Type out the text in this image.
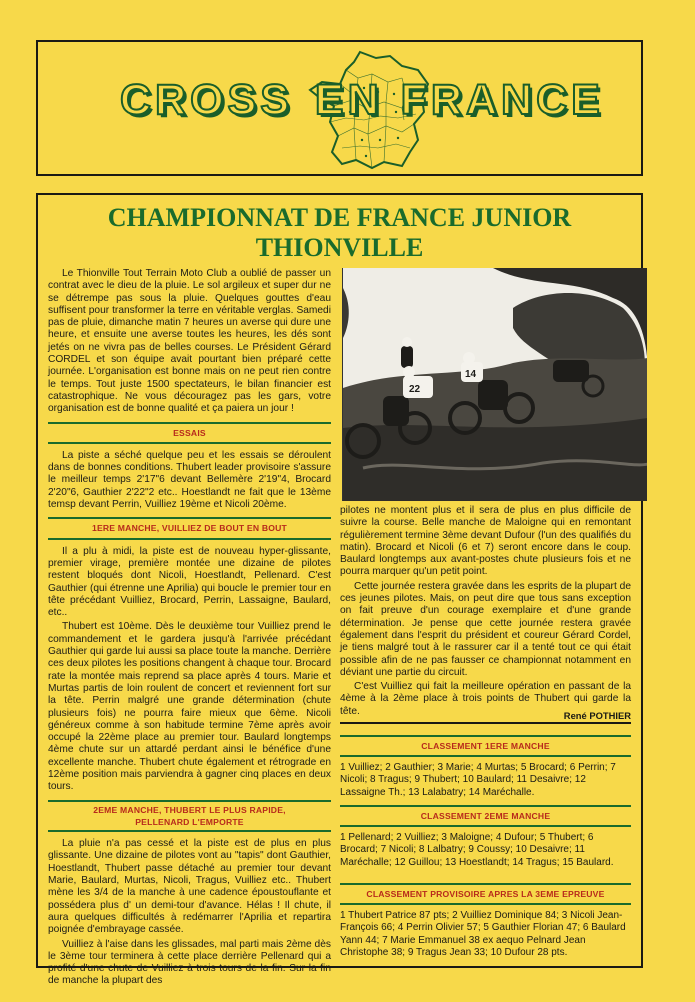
CROSS EN FRANCE
CHAMPIONNAT DE FRANCE JUNIOR
THIONVILLE

Le Thionville Tout Terrain Moto Club a oublié de passer un contrat avec le dieu de la pluie. Le sol argileux et super dur ne se détrempe pas sous la pluie. Quelques gouttes d'eau suffisent pour transformer la terre en véritable verglas. Samedi pas de pluie, dimanche matin 7 heures un averse qui dure une heure, et ensuite une averse toutes les heures, les dés sont jetés on ne vivra pas de belles courses. Le Président Gérard CORDEL et son équipe avait pourtant bien préparé cette journée. L'organisation est bonne mais on ne peut rien contre le temps. Tout juste 1500 spectateurs, le bilan financier est catastrophique. Ne vous découragez pas les gars, votre organisation est de bonne qualité et ça paiera un jour !

ESSAIS

La piste a séché quelque peu et les essais se déroulent dans de bonnes conditions. Thubert leader provisoire s'assure le meilleur temps 2'17"6 devant Bellemère 2'19"4, Brocard 2'20"6, Gauthier 2'22"2 etc.. Hoestlandt ne fait que le 13ème temsp devant Perrin, Vuilliez 19ème et Nicoli 20ème.

1ERE MANCHE, VUILLIEZ DE BOUT EN BOUT

Il a plu à midi, la piste est de nouveau hyper-glissante, premier virage, première montée une dizaine de pilotes restent bloqués dont Nicoli, Hoestlandt, Pellenard. C'est Gauthier (qui étrenne une Aprilia) qui boucle le premier tour en tête précédant Vuilliez, Brocard, Perrin, Lassaigne, Baulard, etc..

Thubert est 10ème. Dès le deuxième tour Vuilliez prend le commandement et le gardera jusqu'à l'arrivée précédant Gauthier qui garde lui aussi sa place toute la manche. Derrière ces deux pilotes les positions changent à chaque tour. Brocard rate la montée mais reprend sa place après 4 tours. Marie et Murtas partis de loin roulent de concert et reviennent fort sur la tête. Perrin malgré une grande détermination (chute plusieurs fois) ne pourra faire mieux que 6ème. Nicoli généreux comme à son habitude termine 7ème après avoir occupé la 22ème place au premier tour. Baulard longtemps 4ème chute sur un attardé perdant ainsi le bénéfice d'une excellente manche. Thubert chute également et rétrograde en 12ème position mais parviendra à gagner cinq places en deux tours.

2EME MANCHE, THUBERT LE PLUS RAPIDE, PELLENARD L'EMPORTE

La pluie n'a pas cessé et la piste est de plus en plus glissante. Une dizaine de pilotes vont au "tapis" dont Gauthier, Hoestlandt, Thubert passe détaché au premier tour devant Marie, Baulard, Murtas, Nicoli, Tragus, Vuilliez etc.. Thubert mène les 3/4 de la manche à une cadence époustouflante et possédera plus d' un demi-tour d'avance. Hélas ! Il chute, il aura quelques difficultés à redémarrer l'Aprilia et repartira poignée d'embrayage cassée.

Vuilliez à l'aise dans les glissades, mal parti mais 2ème dès le 3ème tour terminera à cette place derrière Pellenard qui a profité d'une chute de Vuilliez à trois tours de la fin. Sur la fin de manche la plupart des

22
14

pilotes ne montent plus et il sera de plus en plus difficile de suivre la course. Belle manche de Maloigne qui en remontant régulièrement termine 3ème devant Dufour (l'un des qualifiés du matin). Brocard et Nicoli (6 et 7) seront encore dans le coup. Baulard longtemps aux avant-postes chute plusieurs fois et ne pourra marquer qu'un petit point.

Cette journée restera gravée dans les esprits de la plupart de ces jeunes pilotes. Mais, on peut dire que tous sans exception on fait preuve d'un courage exemplaire et d'une grande détermination. Je pense que cette journée restera gravée également dans l'esprit du président et coureur Gérard Cordel, je tiens malgré tout à le rassurer car il a tenté tout ce qui était possible afin de ne pas fausser ce championnat notamment en déviant une partie du circuit.

C'est Vuilliez qui fait la meilleure opération en passant de la 4ème à la 2ème place à trois points de Thubert qui garde la tête.	René POTHIER
CLASSEMENT 1ERE MANCHE

1 Vuilliez; 2 Gauthier; 3 Marie; 4 Murtas; 5 Brocard; 6 Perrin; 7 Nicoli; 8 Tragus; 9 Thubert; 10 Baulard; 11 Desaivre; 12 Lassaigne Th.; 13 Lalabatry; 14 Maréchalle.

CLASSEMENT 2EME MANCHE

1 Pellenard; 2 Vuilliez; 3 Maloigne; 4 Dufour; 5 Thubert; 6 Brocard; 7 Nicoli; 8 Lalbatry; 9 Coussy; 10 Desaivre; 11 Maréchalle; 12 Guillou; 13 Hoestlandt; 14 Tragus; 15 Baulard.

CLASSEMENT PROVISOIRE APRES LA 3EME EPREUVE

1 Thubert Patrice 87 pts; 2 Vuilliez Dominique 84; 3 Nicoli Jean-François 66; 4 Perrin Olivier 57; 5 Gauthier Florian 47; 6 Baulard Yann 44; 7 Marie Emmanuel 38 ex aequo Pelnard Jean Christophe 38; 9 Tragus Jean 33; 10 Dufour 28 pts.
